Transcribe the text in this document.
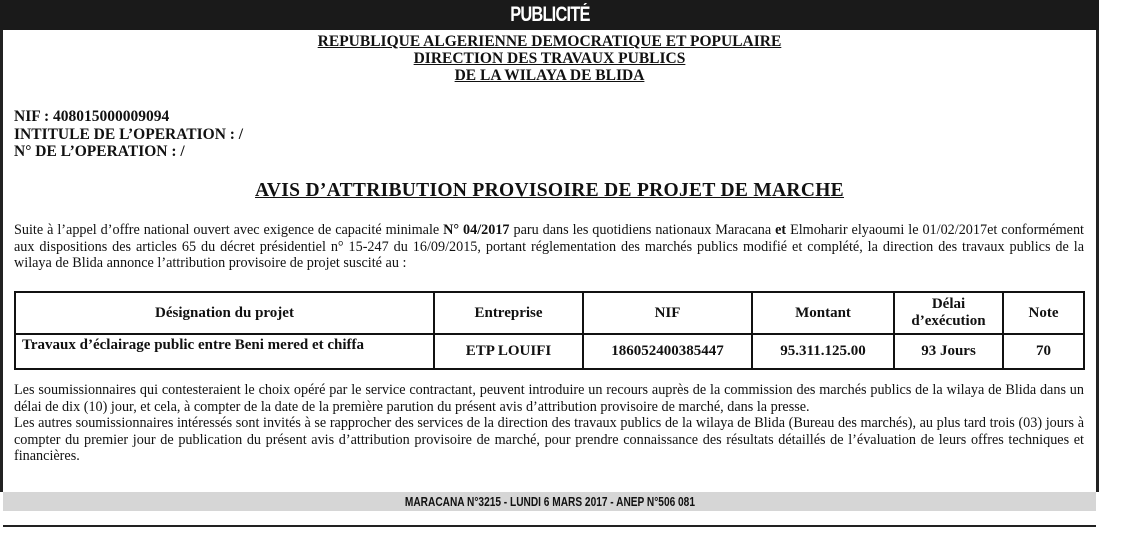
PUBLICITÉ
REPUBLIQUE ALGERIENNE DEMOCRATIQUE ET POPULAIRE
DIRECTION DES TRAVAUX PUBLICS
DE LA WILAYA DE BLIDA
NIF : 408015000009094
INTITULE DE L’OPERATION : /
N° DE L’OPERATION : /
AVIS D’ATTRIBUTION PROVISOIRE DE PROJET DE MARCHE
Suite à l’appel d’offre national ouvert avec exigence de capacité minimale N° 04/2017 paru dans les quotidiens nationaux Maracana et Elmoharir elyaoumi le 01/02/2017et conformément aux dispositions des articles 65 du décret présidentiel n° 15-247 du 16/09/2015, portant réglementation des marchés publics modifié et complété, la direction des travaux publics de la wilaya de Blida annonce l’attribution provisoire de projet suscité au :
Désignation du projet	Entreprise	NIF	Montant	Délai d’exécution	Note
Travaux d’éclairage public entre Beni mered et chiffa	ETP LOUIFI	186052400385447	95.311.125.00	93 Jours	70
Les soumissionnaires qui contesteraient le choix opéré par le service contractant, peuvent introduire un recours auprès de la commission des marchés publics de la wilaya de Blida dans un délai de dix (10) jour, et cela, à compter de la date de la première parution du présent avis d’attribution provisoire de marché, dans la presse.
Les autres soumissionnaires intéressés sont invités à se rapprocher des services de la direction des travaux publics de la wilaya de Blida (Bureau des marchés), au plus tard trois (03) jours à compter du premier jour de publication du présent avis d’attribution provisoire de marché, pour prendre connaissance des résultats détaillés de l’évaluation de leurs offres techniques et financières.
MARACANA N°3215 - LUNDI 6 MARS 2017 - ANEP N°506 081
